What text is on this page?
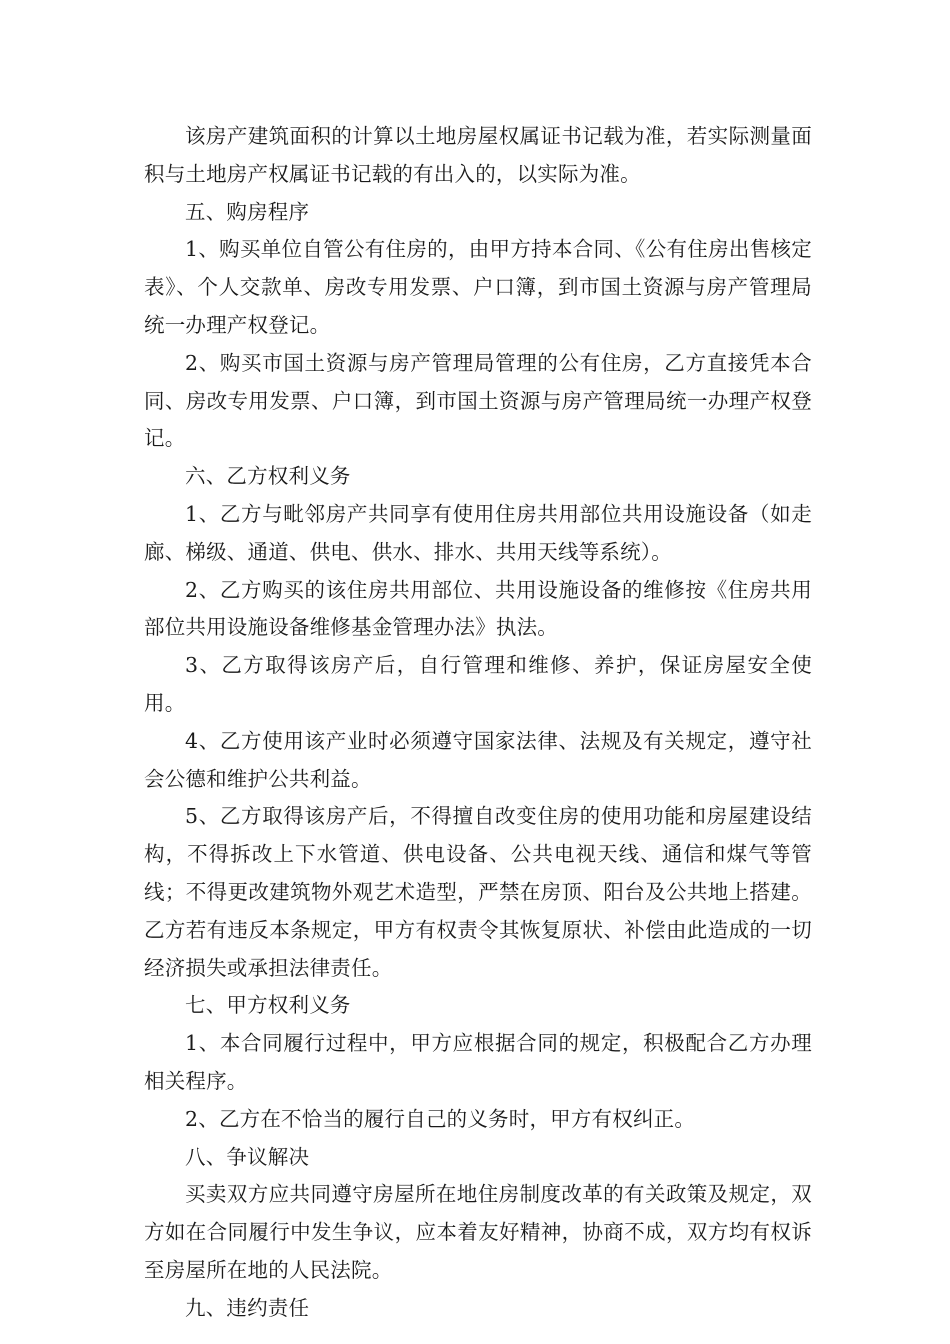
该房产建筑面积的计算以土地房屋权属证书记载为准，若实际测量面积与土地房产权属证书记载的有出入的，以实际为准。

五、购房程序

1、购买单位自管公有住房的，由甲方持本合同、《公有住房出售核定表》、个人交款单、房改专用发票、户口簿，到市国土资源与房产管理局统一办理产权登记。

2、购买市国土资源与房产管理局管理的公有住房，乙方直接凭本合同、房改专用发票、户口簿，到市国土资源与房产管理局统一办理产权登记。

六、乙方权利义务

1、乙方与毗邻房产共同享有使用住房共用部位共用设施设备（如走廊、梯级、通道、供电、供水、排水、共用天线等系统）。

2、乙方购买的该住房共用部位、共用设施设备的维修按《住房共用部位共用设施设备维修基金管理办法》执法。

3、乙方取得该房产后，自行管理和维修、养护，保证房屋安全使用。

4、乙方使用该产业时必须遵守国家法律、法规及有关规定，遵守社会公德和维护公共利益。

5、乙方取得该房产后，不得擅自改变住房的使用功能和房屋建设结构，不得拆改上下水管道、供电设备、公共电视天线、通信和煤气等管线；不得更改建筑物外观艺术造型，严禁在房顶、阳台及公共地上搭建。乙方若有违反本条规定，甲方有权责令其恢复原状、补偿由此造成的一切经济损失或承担法律责任。

七、甲方权利义务

1、本合同履行过程中，甲方应根据合同的规定，积极配合乙方办理相关程序。

2、乙方在不恰当的履行自己的义务时，甲方有权纠正。

八、争议解决

买卖双方应共同遵守房屋所在地住房制度改革的有关政策及规定，双方如在合同履行中发生争议，应本着友好精神，协商不成，双方均有权诉至房屋所在地的人民法院。

九、违约责任
